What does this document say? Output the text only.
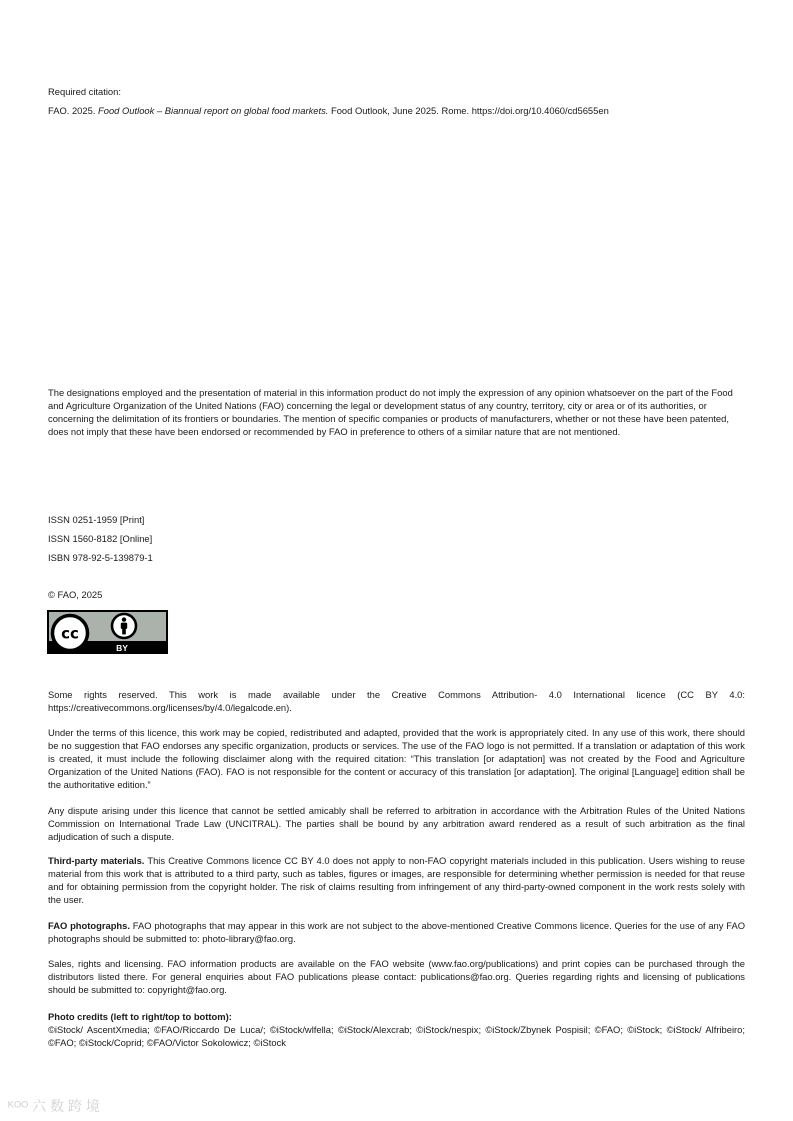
Required citation:

FAO. 2025. Food Outlook – Biannual report on global food markets. Food Outlook, June 2025. Rome. https://doi.org/10.4060/cd5655en

The designations employed and the presentation of material in this information product do not imply the expression of any opinion whatsoever on the part of the Food and Agriculture Organization of the United Nations (FAO) concerning the legal or development status of any country, territory, city or area or of its authorities, or concerning the delimitation of its frontiers or boundaries. The mention of specific companies or products of manufacturers, whether or not these have been patented, does not imply that these have been endorsed or recommended by FAO in preference to others of a similar nature that are not mentioned.

ISSN 0251-1959 [Print]

ISSN 1560-8182 [Online]

ISBN 978-92-5-139879-1

© FAO, 2025

cc
BY

Some rights reserved. This work is made available under the Creative Commons Attribution- 4.0 International licence (CC BY 4.0: https://creativecommons.org/licenses/by/4.0/legalcode.en).

Under the terms of this licence, this work may be copied, redistributed and adapted, provided that the work is appropriately cited. In any use of this work, there should be no suggestion that FAO endorses any specific organization, products or services. The use of the FAO logo is not permitted. If a translation or adaptation of this work is created, it must include the following disclaimer along with the required citation: “This translation [or adaptation] was not created by the Food and Agriculture Organization of the United Nations (FAO). FAO is not responsible for the content or accuracy of this translation [or adaptation]. The original [Language] edition shall be the authoritative edition.”

Any dispute arising under this licence that cannot be settled amicably shall be referred to arbitration in accordance with the Arbitration Rules of the United Nations Commission on International Trade Law (UNCITRAL). The parties shall be bound by any arbitration award rendered as a result of such arbitration as the final adjudication of such a dispute.

Third-party materials. This Creative Commons licence CC BY 4.0 does not apply to non-FAO copyright materials included in this publication. Users wishing to reuse material from this work that is attributed to a third party, such as tables, figures or images, are responsible for determining whether permission is needed for that reuse and for obtaining permission from the copyright holder. The risk of claims resulting from infringement of any third-party-owned component in the work rests solely with the user.

FAO photographs. FAO photographs that may appear in this work are not subject to the above-mentioned Creative Commons licence. Queries for the use of any FAO photographs should be submitted to: photo-library@fao.org.

Sales, rights and licensing. FAO information products are available on the FAO website (www.fao.org/publications) and print copies can be purchased through the distributors listed there. For general enquiries about FAO publications please contact: publications@fao.org. Queries regarding rights and licensing of publications should be submitted to: copyright@fao.org.

Photo credits (left to right/top to bottom):

©iStock/ AscentXmedia; ©FAO/Riccardo De Luca/; ©iStock/wlfella; ©iStock/Alexcrab; ©iStock/nespix; ©iStock/Zbynek Pospisil; ©FAO; ©iStock; ©iStock/ Alfribeiro; ©FAO; ©iStock/Coprid; ©FAO/Victor Sokolowicz; ©iStock

ᴷᴼᴼ 六 数 跨 境
